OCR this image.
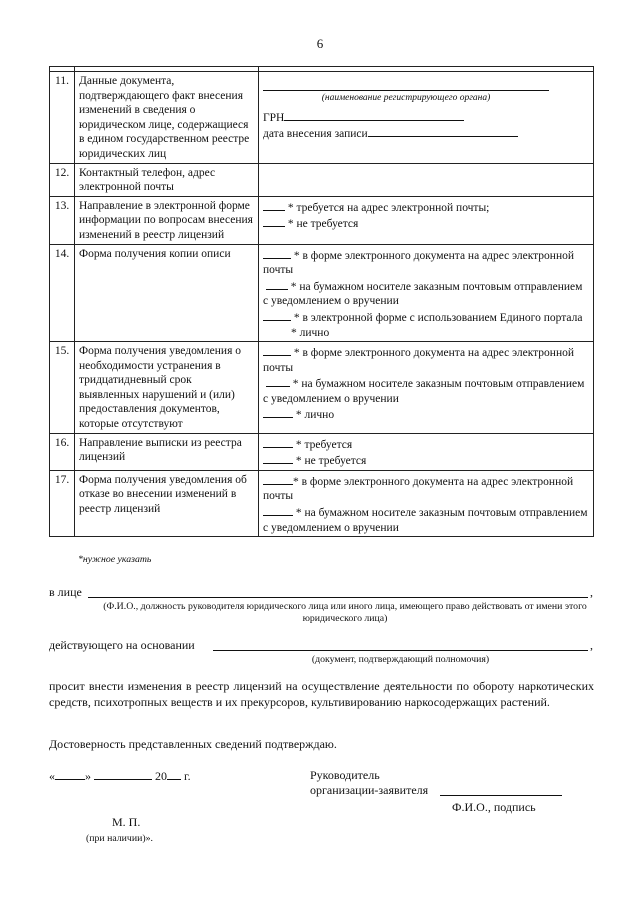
6

11.	Данные документа, подтверждающего факт внесения изменений в сведения о юридическом лице, содержащиеся в едином государственном реестре юридических лиц	(наименование регистрирующего органа)
ГРН
дата внесения записи

12.	Контактный телефон, адрес электронной почты	
13.	Направление в электронной форме информации по вопросам внесения изменений в реестр лицензий	* требуется на адрес электронной почты;
* не требуется

14.	Форма получения копии описи	* в форме электронного документа на адрес электронной почты
* на бумажном носителе заказным почтовым отправлением с уведомлением о вручении
* в электронной форме с использованием Единого портала
* лично

15.	Форма получения уведомления о необходимости устранения в тридцатидневный срок выявленных нарушений и (или) предоставления документов, которые отсутствуют	* в форме электронного документа на адрес электронной почты
* на бумажном носителе заказным почтовым отправлением с уведомлением о вручении
* лично

16.	Направление выписки из реестра лицензий	* требуется
* не требуется

17.	Форма получения уведомления об отказе во внесении изменений в реестр лицензий	* в форме электронного документа на адрес электронной почты
* на бумажном носителе заказным почтовым отправлением с уведомлением о вручении
*нужное указать
в лице	,
(Ф.И.О., должность руководителя юридического лица или иного лица, имеющего право действовать от имени этого юридического лица)
действующего на основании	,
(документ, подтверждающий полномочия)
просит внести изменения в реестр лицензий на осуществление деятельности по обороту наркотических средств, психотропных веществ и их прекурсоров, культивированию наркосодержащих растений.
Достоверность представленных сведений подтверждаю.
«	»	20 г.	Руководитель
организации-заявителя
Ф.И.О., подпись
М. П.
(при наличии)».
